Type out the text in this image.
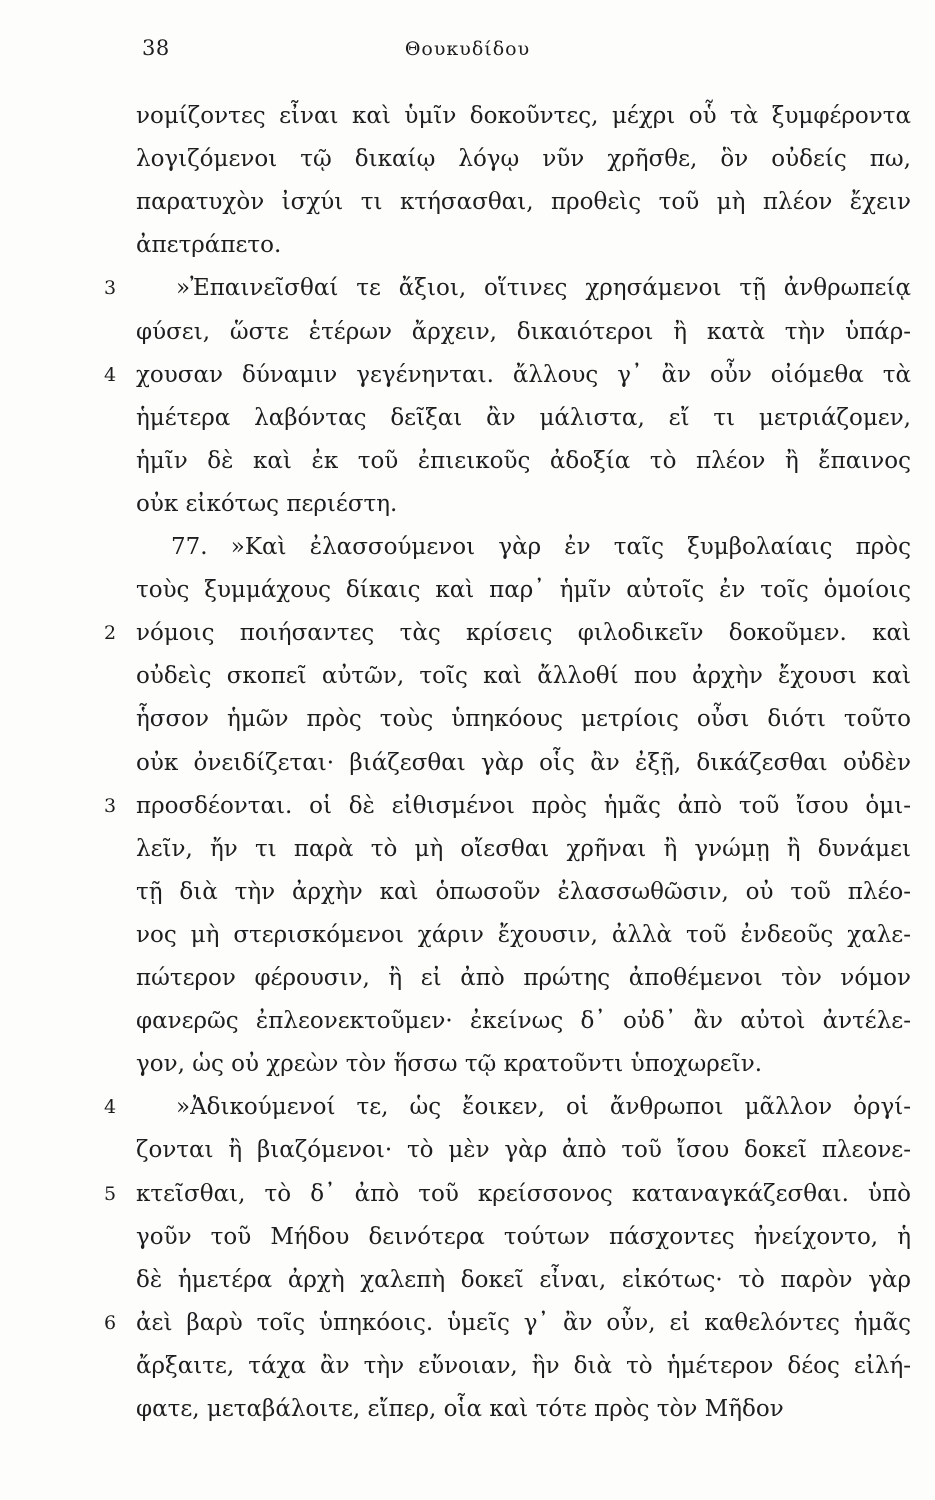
38	Θουκυδίδου
νομίζοντες εἶναι καὶ ὑμῖν δοκοῦντες, μέχρι οὗ τὰ ξυμφέροντα
λογιζόμενοι τῷ δικαίῳ λόγῳ νῦν χρῆσθε, ὃν οὐδείς πω,
παρατυχὸν ἰσχύι τι κτήσασθαι, προθεὶς τοῦ μὴ πλέον ἔχειν
ἀπετράπετο.
»Ἐπαινεῖσθαί τε ἄξιοι, οἵτινες χρησάμενοι τῇ ἀνθρωπείᾳ
3
φύσει, ὥστε ἑτέρων ἄρχειν, δικαιότεροι ἢ κατὰ τὴν ὑπάρ-
χουσαν δύναμιν γεγένηνται. ἄλλους γ᾽ ἂν οὖν οἰόμεθα τὰ
4
ἡμέτερα λαβόντας δεῖξαι ἂν μάλιστα, εἴ τι μετριάζομεν,
ἡμῖν δὲ καὶ ἐκ τοῦ ἐπιεικοῦς ἀδοξία τὸ πλέον ἢ ἔπαινος
οὐκ εἰκότως περιέστη.
77. »Καὶ ἐλασσούμενοι γὰρ ἐν ταῖς ξυμβολαίαις πρὸς
τοὺς ξυμμάχους δίκαις καὶ παρ᾽ ἡμῖν αὐτοῖς ἐν τοῖς ὁμοίοις
νόμοις ποιήσαντες τὰς κρίσεις φιλοδικεῖν δοκοῦμεν. καὶ
2
οὐδεὶς σκοπεῖ αὐτῶν, τοῖς καὶ ἄλλοθί που ἀρχὴν ἔχουσι καὶ
ἧσσον ἡμῶν πρὸς τοὺς ὑπηκόους μετρίοις οὖσι διότι τοῦτο
οὐκ ὀνειδίζεται· βιάζεσθαι γὰρ οἷς ἂν ἐξῇ, δικάζεσθαι οὐδὲν
προσδέονται. οἱ δὲ εἰθισμένοι πρὸς ἡμᾶς ἀπὸ τοῦ ἴσου ὁμι-
3
λεῖν, ἤν τι παρὰ τὸ μὴ οἴεσθαι χρῆναι ἢ γνώμῃ ἢ δυνάμει
τῇ διὰ τὴν ἀρχὴν καὶ ὁπωσοῦν ἐλασσωθῶσιν, οὐ τοῦ πλέο-
νος μὴ στερισκόμενοι χάριν ἔχουσιν, ἀλλὰ τοῦ ἐνδεοῦς χαλε-
πώτερον φέρουσιν, ἢ εἰ ἀπὸ πρώτης ἀποθέμενοι τὸν νόμον
φανερῶς ἐπλεονεκτοῦμεν· ἐκείνως δ᾽ οὐδ᾽ ἂν αὐτοὶ ἀντέλε-
γον, ὡς οὐ χρεὼν τὸν ἥσσω τῷ κρατοῦντι ὑποχωρεῖν.
»Ἀδικούμενοί τε, ὡς ἔοικεν, οἱ ἄνθρωποι μᾶλλον ὀργί-
4
ζονται ἢ βιαζόμενοι· τὸ μὲν γὰρ ἀπὸ τοῦ ἴσου δοκεῖ πλεονε-
κτεῖσθαι, τὸ δ᾽ ἀπὸ τοῦ κρείσσονος καταναγκάζεσθαι. ὑπὸ
5
γοῦν τοῦ Μήδου δεινότερα τούτων πάσχοντες ἠνείχοντο, ἡ
δὲ ἡμετέρα ἀρχὴ χαλεπὴ δοκεῖ εἶναι, εἰκότως· τὸ παρὸν γὰρ
ἀεὶ βαρὺ τοῖς ὑπηκόοις. ὑμεῖς γ᾽ ἂν οὖν, εἰ καθελόντες ἡμᾶς
6
ἄρξαιτε, τάχα ἂν τὴν εὔνοιαν, ἣν διὰ τὸ ἡμέτερον δέος εἰλή-
φατε, μεταβάλοιτε, εἴπερ, οἷα καὶ τότε πρὸς τὸν Μῆδον
